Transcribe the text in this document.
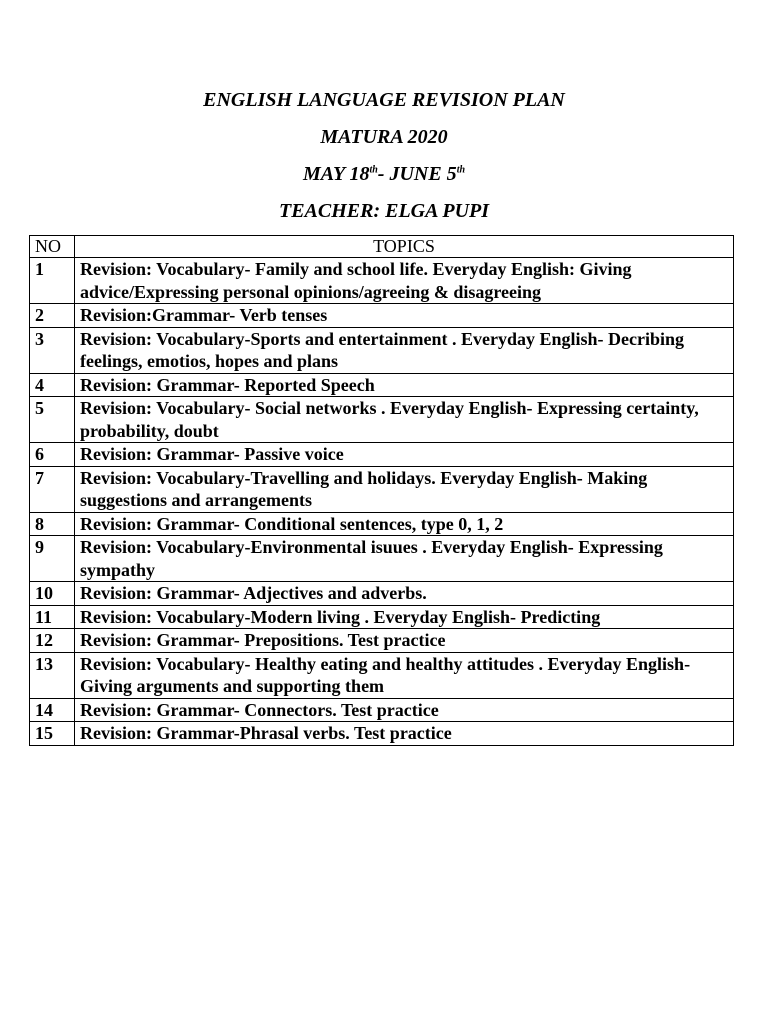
ENGLISH LANGUAGE REVISION PLAN
MATURA 2020
MAY 18th- JUNE 5th
TEACHER: ELGA PUPI
NO	TOPICS
1	Revision: Vocabulary- Family and school life. Everyday English: Giving advice/Expressing personal opinions/agreeing & disagreeing
2	Revision:Grammar- Verb tenses
3	Revision: Vocabulary-Sports and entertainment . Everyday English- Decribing feelings, emotios, hopes and plans
4	Revision: Grammar- Reported Speech
5	Revision: Vocabulary- Social networks . Everyday English- Expressing certainty, probability, doubt
6	Revision: Grammar- Passive voice
7	Revision: Vocabulary-Travelling and holidays. Everyday English- Making suggestions and arrangements
8	Revision: Grammar- Conditional sentences, type 0, 1, 2
9	Revision: Vocabulary-Environmental isuues . Everyday English- Expressing sympathy
10	Revision: Grammar- Adjectives and adverbs.
11	Revision: Vocabulary-Modern living . Everyday English- Predicting
12	Revision: Grammar- Prepositions. Test practice
13	Revision: Vocabulary- Healthy eating and healthy attitudes . Everyday English- Giving arguments and supporting them
14	Revision: Grammar- Connectors. Test practice
15	Revision: Grammar-Phrasal verbs. Test practice
